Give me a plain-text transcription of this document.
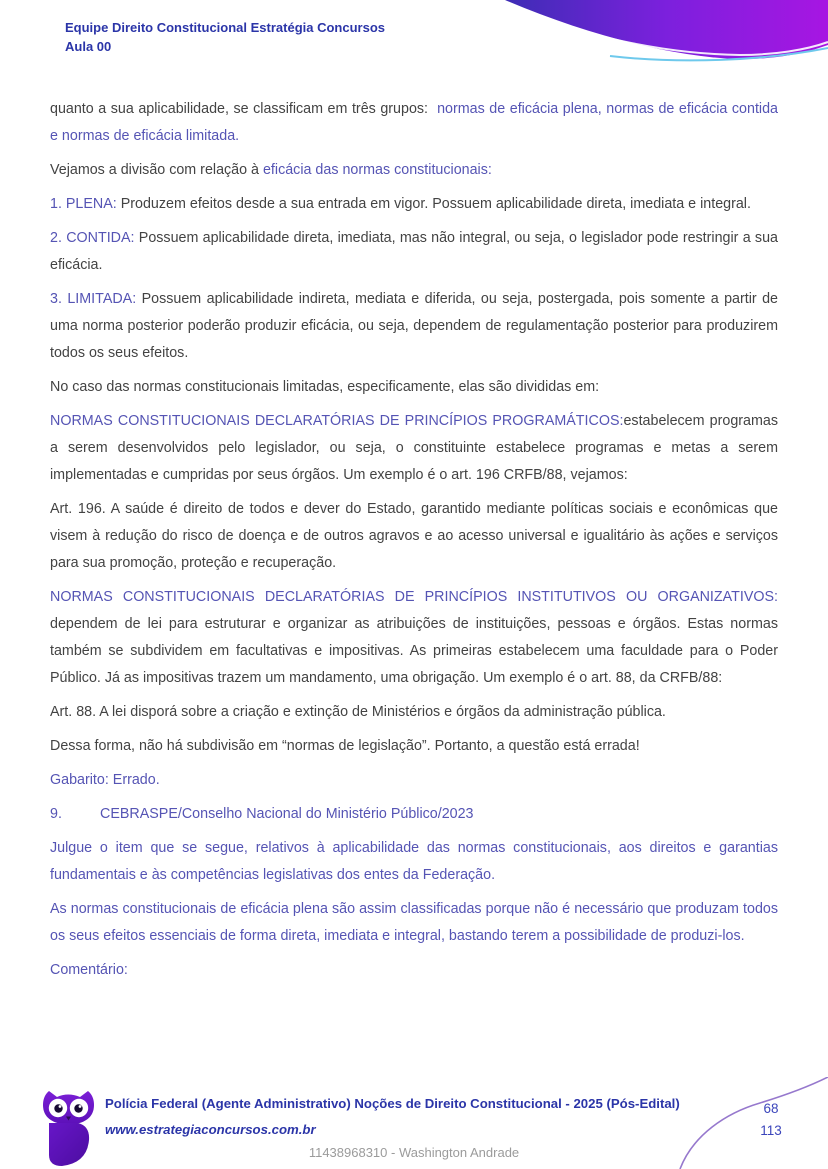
Equipe Direito Constitucional Estratégia Concursos
Aula 00

quanto a sua aplicabilidade, se classificam em três grupos:  normas de eficácia plena, normas de eficácia contida e normas de eficácia limitada.

Vejamos a divisão com relação à eficácia das normas constitucionais:

1. PLENA: Produzem efeitos desde a sua entrada em vigor. Possuem aplicabilidade direta, imediata e integral.

2. CONTIDA: Possuem aplicabilidade direta, imediata, mas não integral, ou seja, o legislador pode restringir a sua eficácia.

3. LIMITADA: Possuem aplicabilidade indireta, mediata e diferida, ou seja, postergada, pois somente a partir de uma norma posterior poderão produzir eficácia, ou seja, dependem de regulamentação posterior para produzirem todos os seus efeitos.

No caso das normas constitucionais limitadas, especificamente, elas são divididas em:

NORMAS CONSTITUCIONAIS DECLARATÓRIAS DE PRINCÍPIOS PROGRAMÁTICOS:estabelecem programas a serem desenvolvidos pelo legislador, ou seja, o constituinte estabelece programas e metas a serem implementadas e cumpridas por seus órgãos. Um exemplo é o art. 196 CRFB/88, vejamos:

Art. 196. A saúde é direito de todos e dever do Estado, garantido mediante políticas sociais e econômicas que visem à redução do risco de doença e de outros agravos e ao acesso universal e igualitário às ações e serviços para sua promoção, proteção e recuperação.

NORMAS CONSTITUCIONAIS DECLARATÓRIAS DE PRINCÍPIOS INSTITUTIVOS OU ORGANIZATIVOS: dependem de lei para estruturar e organizar as atribuições de instituições, pessoas e órgãos. Estas normas também se subdividem em facultativas e impositivas. As primeiras estabelecem uma faculdade para o Poder Público. Já as impositivas trazem um mandamento, uma obrigação. Um exemplo é o art. 88, da CRFB/88:

Art. 88. A lei disporá sobre a criação e extinção de Ministérios e órgãos da administração pública.

Dessa forma, não há subdivisão em “normas de legislação”. Portanto, a questão está errada!

Gabarito: Errado.

9.	CEBRASPE/Conselho Nacional do Ministério Público/2023

Julgue o item que se segue, relativos à aplicabilidade das normas constitucionais, aos direitos e garantias fundamentais e às competências legislativas dos entes da Federação.

As normas constitucionais de eficácia plena são assim classificadas porque não é necessário que produzam todos os seus efeitos essenciais de forma direta, imediata e integral, bastando terem a possibilidade de produzi-los.

Comentário:

Polícia Federal (Agente Administrativo) Noções de Direito Constitucional - 2025 (Pós-Edital)
www.estrategiaconcursos.com.br
11438968310 - Washington Andrade
68
113
